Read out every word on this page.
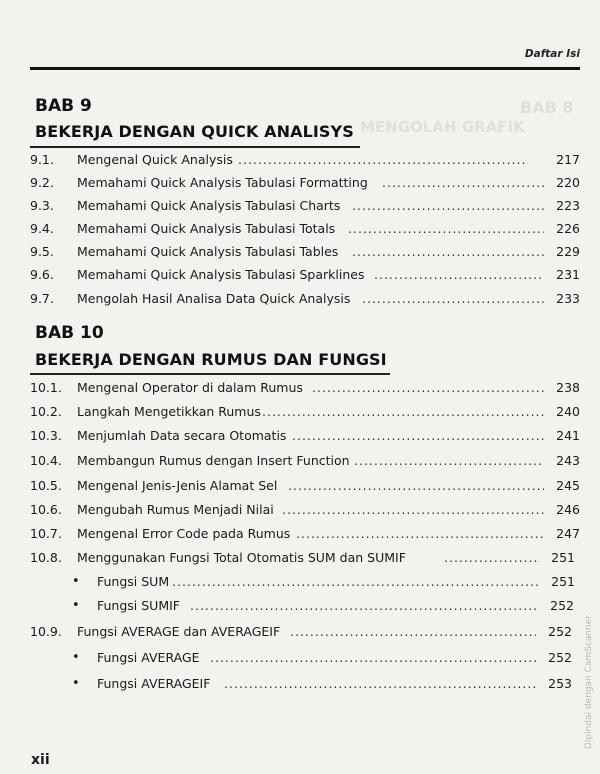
BAB 8
MENGOLAH GRAFIK
Daftar Isi
BAB 9
BEKERJA DENGAN QUICK ANALISYS
9.1. Mengenal Quick Analysis .....	217
9.2. Memahami Quick Analysis Tabulasi Formatting .....	220
9.3. Memahami Quick Analysis Tabulasi Charts .....	223
9.4. Memahami Quick Analysis Tabulasi Totals .....	226
9.5. Memahami Quick Analysis Tabulasi Tables .....	229
9.6. Memahami Quick Analysis Tabulasi Sparklines .....	231
9.7. Mengolah Hasil Analisa Data Quick Analysis .....	233
BAB 10
BEKERJA DENGAN RUMUS DAN FUNGSI
10.1. Mengenal Operator di dalam Rumus .....	238
10.2. Langkah Mengetikkan Rumus .....	240
10.3. Menjumlah Data secara Otomatis .....	241
10.4. Membangun Rumus dengan Insert Function .....	243
10.5. Mengenal Jenis-Jenis Alamat Sel .....	245
10.6. Mengubah Rumus Menjadi Nilai .....	246
10.7. Mengenal Error Code pada Rumus .....	247
10.8. Menggunakan Fungsi Total Otomatis SUM dan SUMIF .....	251
• Fungsi SUM .....	251
• Fungsi SUMIF .....	252
10.9. Fungsi AVERAGE dan AVERAGEIF .....	252
• Fungsi AVERAGE .....	252
• Fungsi AVERAGEIF .....	253
xii
Dipindai dengan CamScanner
